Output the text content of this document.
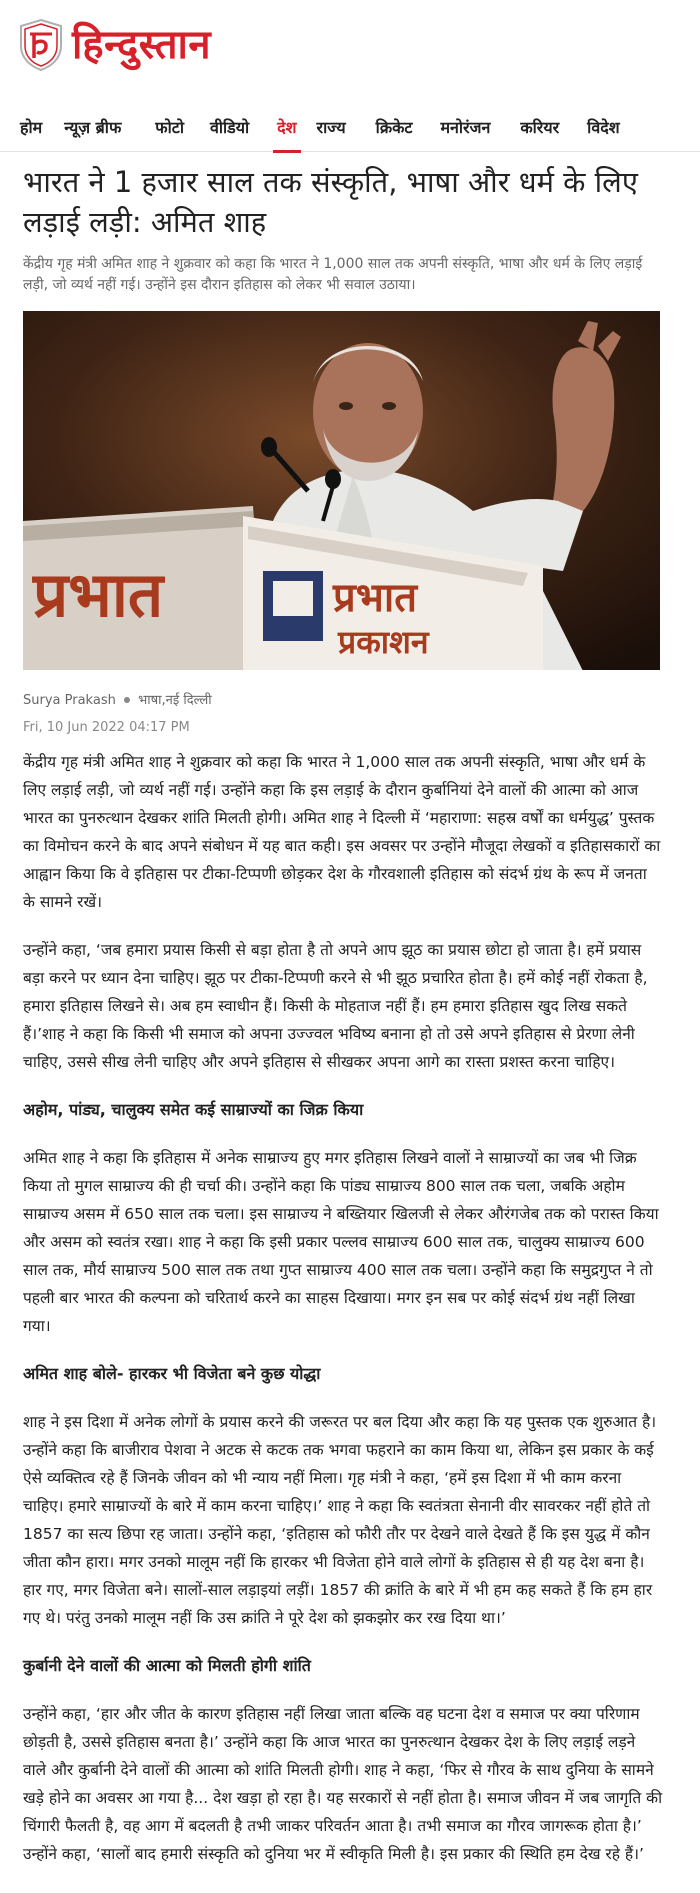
हिन्दुस्तान
होम न्यूज़ ब्रीफ फोटो वीडियो देश राज्य क्रिकेट मनोरंजन करियर विदेश
भारत ने 1 हजार साल तक संस्कृति, भाषा और धर्म के लिए लड़ाई लड़ी: अमित शाह

केंद्रीय गृह मंत्री अमित शाह ने शुक्रवार को कहा कि भारत ने 1,000 साल तक अपनी संस्कृति, भाषा और धर्म के लिए लड़ाई लड़ी, जो व्यर्थ नहीं गई। उन्होंने इस दौरान इतिहास को लेकर भी सवाल उठाया।

प्रभात	प्रभात
प्रकाशन
Surya Prakash भाषा,नई दिल्ली
Fri, 10 Jun 2022 04:17 PM

केंद्रीय गृह मंत्री अमित शाह ने शुक्रवार को कहा कि भारत ने 1,000 साल तक अपनी संस्कृति, भाषा और धर्म के लिए लड़ाई लड़ी, जो व्यर्थ नहीं गई। उन्होंने कहा कि इस लड़ाई के दौरान कुर्बानियां देने वालों की आत्मा को आज भारत का पुनरुत्थान देखकर शांति मिलती होगी। अमित शाह ने दिल्ली में ‘महाराणा: सहस्र वर्षों का धर्मयुद्ध’ पुस्तक का विमोचन करने के बाद अपने संबोधन में यह बात कही। इस अवसर पर उन्होंने मौजूदा लेखकों व इतिहासकारों का आह्वान किया कि वे इतिहास पर टीका-टिप्पणी छोड़कर देश के गौरवशाली इतिहास को संदर्भ ग्रंथ के रूप में जनता के सामने रखें।

उन्होंने कहा, ‘जब हमारा प्रयास किसी से बड़ा होता है तो अपने आप झूठ का प्रयास छोटा हो जाता है। हमें प्रयास बड़ा करने पर ध्यान देना चाहिए। झूठ पर टीका-टिप्पणी करने से भी झूठ प्रचारित होता है। हमें कोई नहीं रोकता है, हमारा इतिहास लिखने से। अब हम स्वाधीन हैं। किसी के मोहताज नहीं हैं। हम हमारा इतिहास खुद लिख सकते हैं।’शाह ने कहा कि किसी भी समाज को अपना उज्ज्वल भविष्य बनाना हो तो उसे अपने इतिहास से प्रेरणा लेनी चाहिए, उससे सीख लेनी चाहिए और अपने इतिहास से सीखकर अपना आगे का रास्ता प्रशस्त करना चाहिए।

अहोम, पांड्य, चालुक्य समेत कई साम्राज्यों का जिक्र किया

अमित शाह ने कहा कि इतिहास में अनेक साम्राज्य हुए मगर इतिहास लिखने वालों ने साम्राज्यों का जब भी जिक्र किया तो मुगल साम्राज्य की ही चर्चा की। उन्होंने कहा कि पांड्य साम्राज्य 800 साल तक चला, जबकि अहोम साम्राज्य असम में 650 साल तक चला। इस साम्राज्य ने बख्तियार खिलजी से लेकर औरंगजेब तक को परास्त किया और असम को स्वतंत्र रखा। शाह ने कहा कि इसी प्रकार पल्लव साम्राज्य 600 साल तक, चालुक्य साम्राज्य 600 साल तक, मौर्य साम्राज्य 500 साल तक तथा गुप्त साम्राज्य 400 साल तक चला। उन्होंने कहा कि समुद्रगुप्त ने तो पहली बार भारत की कल्पना को चरितार्थ करने का साहस दिखाया। मगर इन सब पर कोई संदर्भ ग्रंथ नहीं लिखा गया।

अमित शाह बोले- हारकर भी विजेता बने कुछ योद्धा

शाह ने इस दिशा में अनेक लोगों के प्रयास करने की जरूरत पर बल दिया और कहा कि यह पुस्तक एक शुरुआत है। उन्होंने कहा कि बाजीराव पेशवा ने अटक से कटक तक भगवा फहराने का काम किया था, लेकिन इस प्रकार के कई ऐसे व्यक्तित्व रहे हैं जिनके जीवन को भी न्याय नहीं मिला। गृह मंत्री ने कहा, ‘हमें इस दिशा में भी काम करना चाहिए। हमारे साम्राज्यों के बारे में काम करना चाहिए।’ शाह ने कहा कि स्वतंत्रता सेनानी वीर सावरकर नहीं होते तो 1857 का सत्य छिपा रह जाता। उन्होंने कहा, ‘इतिहास को फौरी तौर पर देखने वाले देखते हैं कि इस युद्ध में कौन जीता कौन हारा। मगर उनको मालूम नहीं कि हारकर भी विजेता होने वाले लोगों के इतिहास से ही यह देश बना है। हार गए, मगर विजेता बने। सालों-साल लड़ाइयां लड़ीं। 1857 की क्रांति के बारे में भी हम कह सकते हैं कि हम हार गए थे। परंतु उनको मालूम नहीं कि उस क्रांति ने पूरे देश को झकझोर कर रख दिया था।’

कुर्बानी देने वालों की आत्मा को मिलती होगी शांति

उन्होंने कहा, ‘हार और जीत के कारण इतिहास नहीं लिखा जाता बल्कि वह घटना देश व समाज पर क्या परिणाम छोड़ती है, उससे इतिहास बनता है।’ उन्होंने कहा कि आज भारत का पुनरुत्थान देखकर देश के लिए लड़ाई लड़ने वाले और कुर्बानी देने वालों की आत्मा को शांति मिलती होगी। शाह ने कहा, ‘फिर से गौरव के साथ दुनिया के सामने खड़े होने का अवसर आ गया है... देश खड़ा हो रहा है। यह सरकारों से नहीं होता है। समाज जीवन में जब जागृति की चिंगारी फैलती है, वह आग में बदलती है तभी जाकर परिवर्तन आता है। तभी समाज का गौरव जागरूक होता है।’ उन्होंने कहा, ‘सालों बाद हमारी संस्कृति को दुनिया भर में स्वीकृति मिली है। इस प्रकार की स्थिति हम देख रहे हैं।’
